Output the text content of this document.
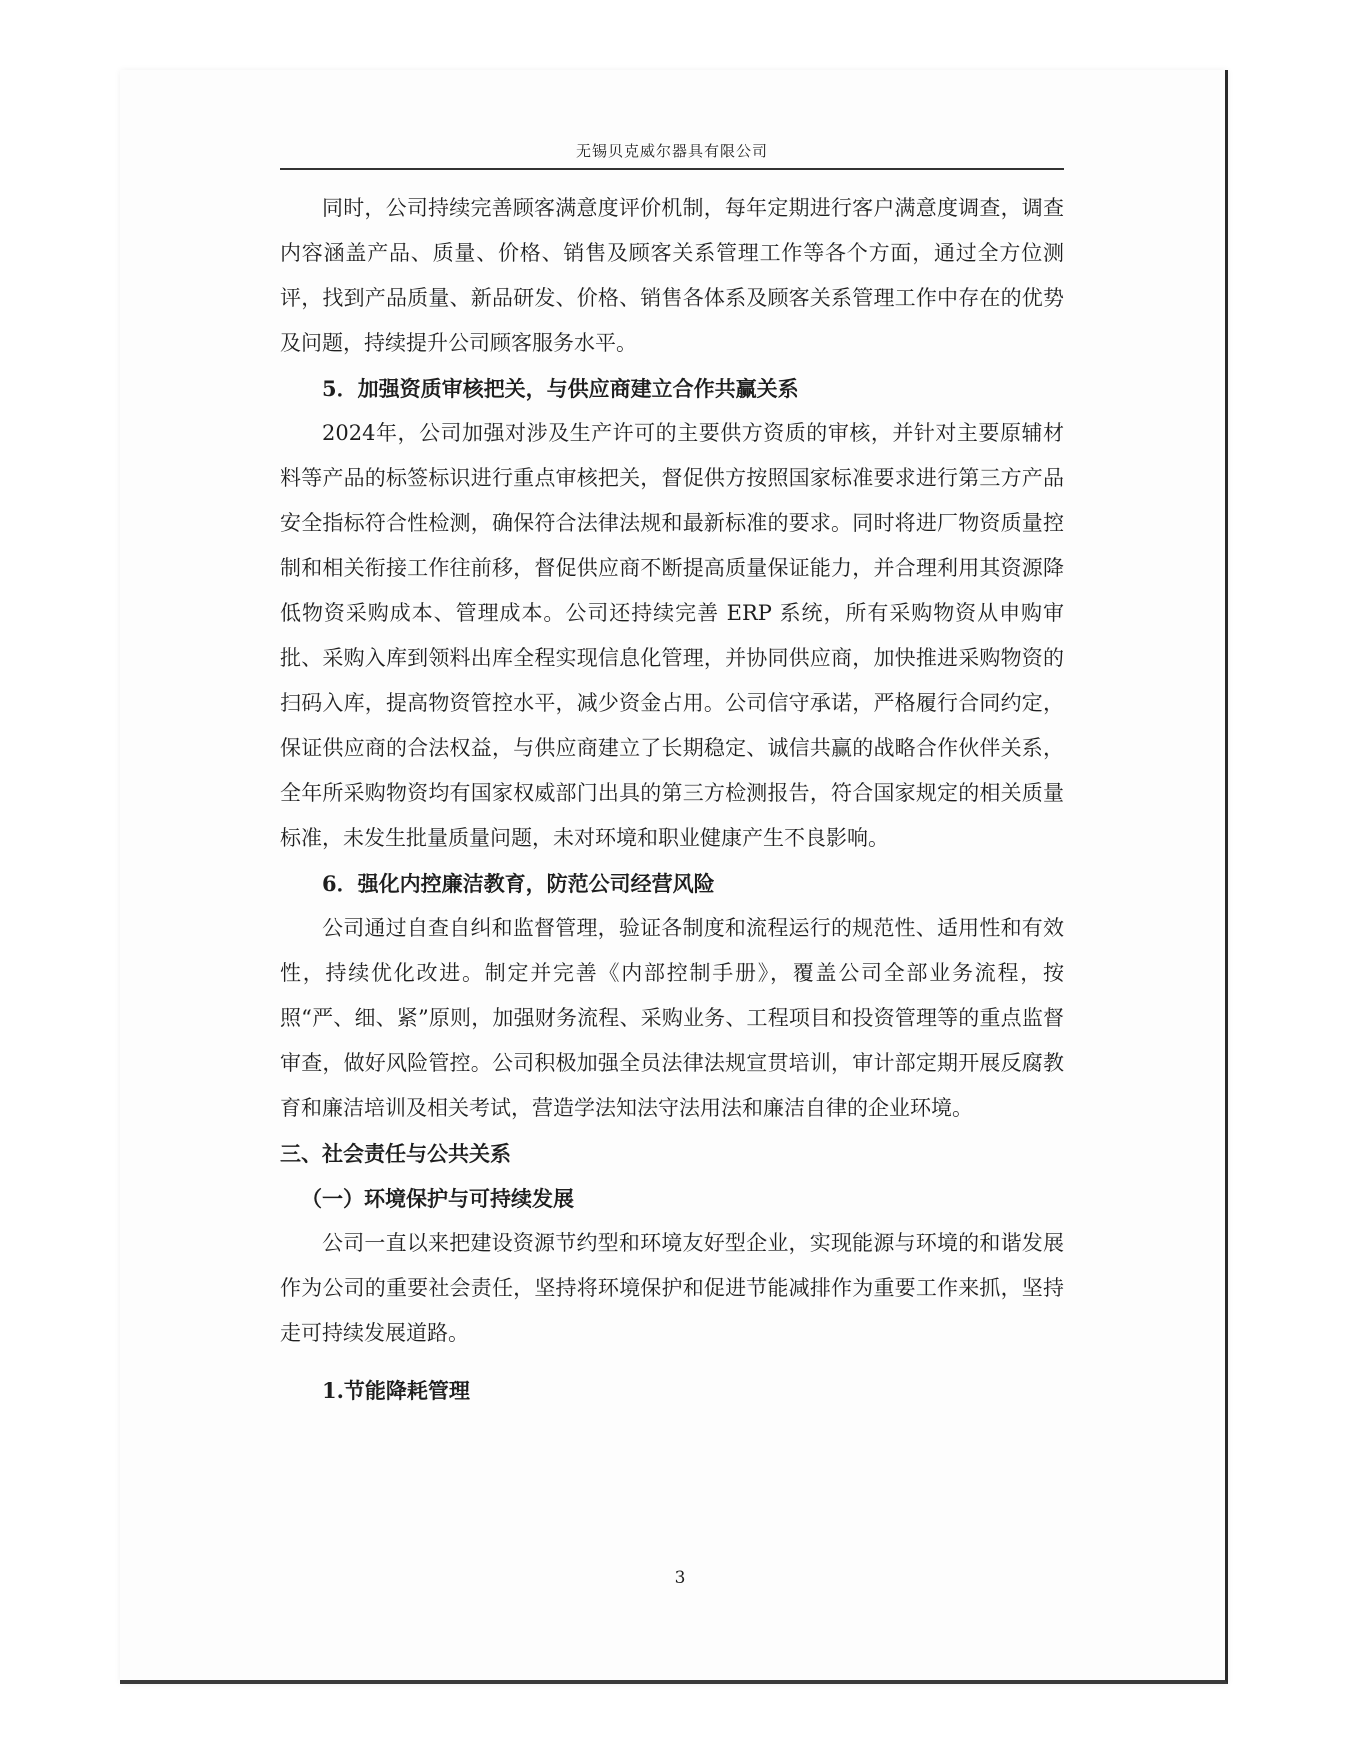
无锡贝克威尔器具有限公司

同时，公司持续完善顾客满意度评价机制，每年定期进行客户满意度调查，调查内容涵盖产品、质量、价格、销售及顾客关系管理工作等各个方面，通过全方位测评，找到产品质量、新品研发、价格、销售各体系及顾客关系管理工作中存在的优势及问题，持续提升公司顾客服务水平。

5．加强资质审核把关，与供应商建立合作共赢关系

2024年，公司加强对涉及生产许可的主要供方资质的审核，并针对主要原辅材料等产品的标签标识进行重点审核把关，督促供方按照国家标准要求进行第三方产品安全指标符合性检测，确保符合法律法规和最新标准的要求。同时将进厂物资质量控制和相关衔接工作往前移，督促供应商不断提高质量保证能力，并合理利用其资源降低物资采购成本、管理成本。公司还持续完善 ERP 系统，所有采购物资从申购审批、采购入库到领料出库全程实现信息化管理，并协同供应商，加快推进采购物资的扫码入库，提高物资管控水平，减少资金占用。公司信守承诺，严格履行合同约定，保证供应商的合法权益，与供应商建立了长期稳定、诚信共赢的战略合作伙伴关系，全年所采购物资均有国家权威部门出具的第三方检测报告，符合国家规定的相关质量标准，未发生批量质量问题，未对环境和职业健康产生不良影响。

6．强化内控廉洁教育，防范公司经营风险

公司通过自查自纠和监督管理，验证各制度和流程运行的规范性、适用性和有效性，持续优化改进。制定并完善《内部控制手册》，覆盖公司全部业务流程，按照“严、细、紧”原则，加强财务流程、采购业务、工程项目和投资管理等的重点监督审查，做好风险管控。公司积极加强全员法律法规宣贯培训，审计部定期开展反腐教育和廉洁培训及相关考试，营造学法知法守法用法和廉洁自律的企业环境。

三、社会责任与公共关系

（一）环境保护与可持续发展

公司一直以来把建设资源节约型和环境友好型企业，实现能源与环境的和谐发展作为公司的重要社会责任，坚持将环境保护和促进节能减排作为重要工作来抓，坚持走可持续发展道路。

1.节能降耗管理

3
